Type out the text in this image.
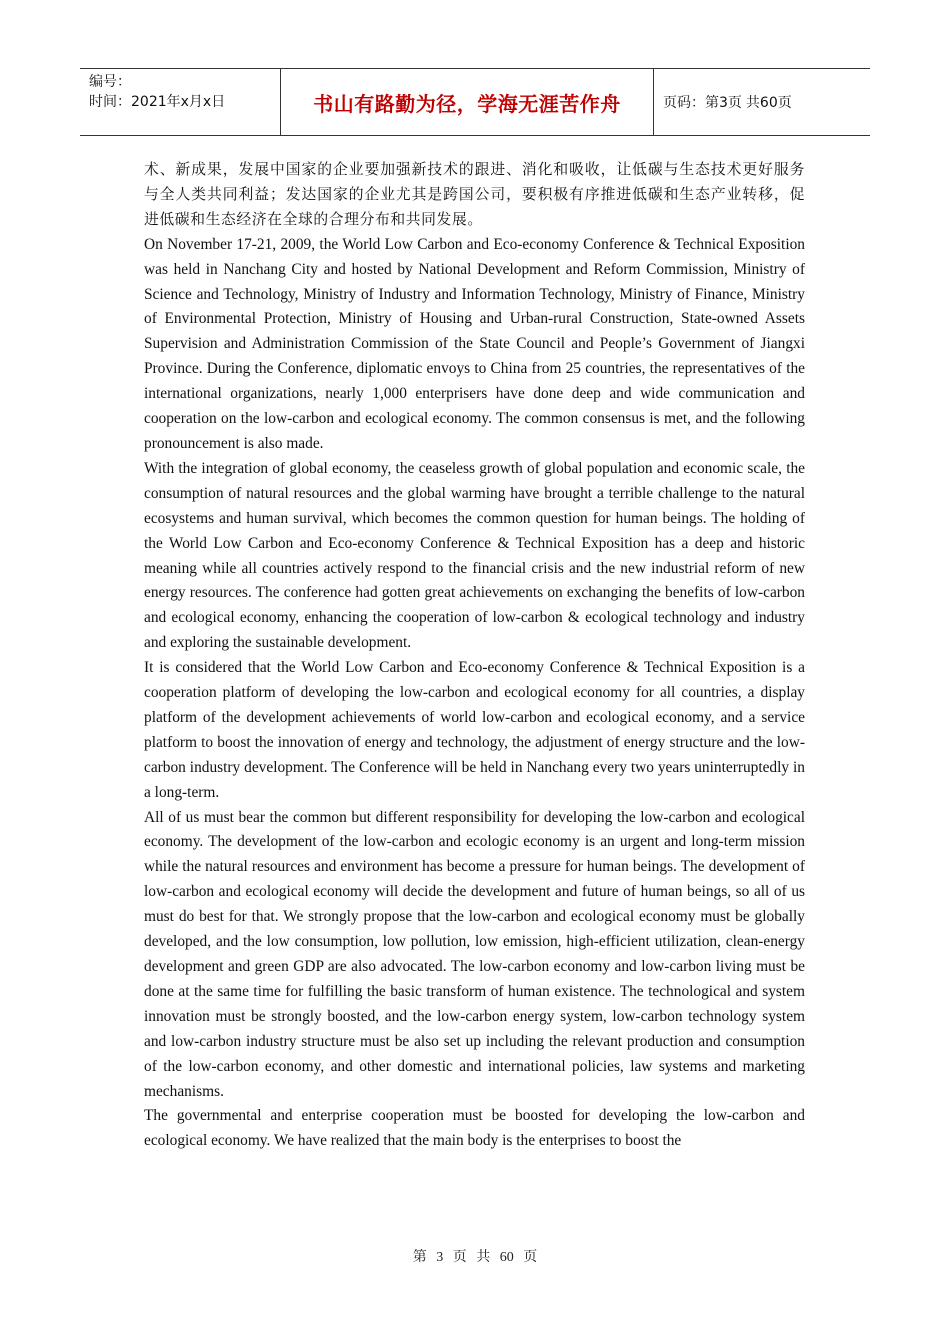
编号：
时间：2021年x月x日	书山有路勤为径，学海无涯苦作舟	页码：第3页 共60页

术、新成果，发展中国家的企业要加强新技术的跟进、消化和吸收，让低碳与生态技术更好服务与全人类共同利益；发达国家的企业尤其是跨国公司，要积极有序推进低碳和生态产业转移，促进低碳和生态经济在全球的合理分布和共同发展。

On November 17-21, 2009, the World Low Carbon and Eco-economy Conference & Technical Exposition was held in Nanchang City and hosted by National Development and Reform Commission, Ministry of Science and Technology, Ministry of Industry and Information Technology, Ministry of Finance, Ministry of Environmental Protection, Ministry of Housing and Urban-rural Construction, State-owned Assets Supervision and Administration Commission of the State Council and People’s Government of Jiangxi Province. During the Conference, diplomatic envoys to China from 25 countries, the representatives of the international organizations, nearly 1,000 enterprisers have done deep and wide communication and cooperation on the low-carbon and ecological economy. The common consensus is met, and the following pronouncement is also made.

With the integration of global economy, the ceaseless growth of global population and economic scale, the consumption of natural resources and the global warming have brought a terrible challenge to the natural ecosystems and human survival, which becomes the common question for human beings. The holding of the World Low Carbon and Eco-economy Conference & Technical Exposition has a deep and historic meaning while all countries actively respond to the financial crisis and the new industrial reform of new energy resources. The conference had gotten great achievements on exchanging the benefits of low-carbon and ecological economy, enhancing the cooperation of low-carbon & ecological technology and industry and exploring the sustainable development.

It is considered that the World Low Carbon and Eco-economy Conference & Technical Exposition is a cooperation platform of developing the low-carbon and ecological economy for all countries, a display platform of the development achievements of world low-carbon and ecological economy, and a service platform to boost the innovation of energy and technology, the adjustment of energy structure and the low-carbon industry development. The Conference will be held in Nanchang every two years uninterruptedly in a long-term.

All of us must bear the common but different responsibility for developing the low-carbon and ecological economy. The development of the low-carbon and ecologic economy is an urgent and long-term mission while the natural resources and environment has become a pressure for human beings. The development of low-carbon and ecological economy will decide the development and future of human beings, so all of us must do best for that. We strongly propose that the low-carbon and ecological economy must be globally developed, and the low consumption, low pollution, low emission, high-efficient utilization, clean-energy development and green GDP are also advocated. The low-carbon economy and low-carbon living must be done at the same time for fulfilling the basic transform of human existence. The technological and system innovation must be strongly boosted, and the low-carbon energy system, low-carbon technology system and low-carbon industry structure must be also set up including the relevant production and consumption of the low-carbon economy, and other domestic and international policies, law systems and marketing mechanisms.

The governmental and enterprise cooperation must be boosted for developing the low-carbon and ecological economy. We have realized that the main body is the enterprises to boost the

第 3 页 共 60 页
